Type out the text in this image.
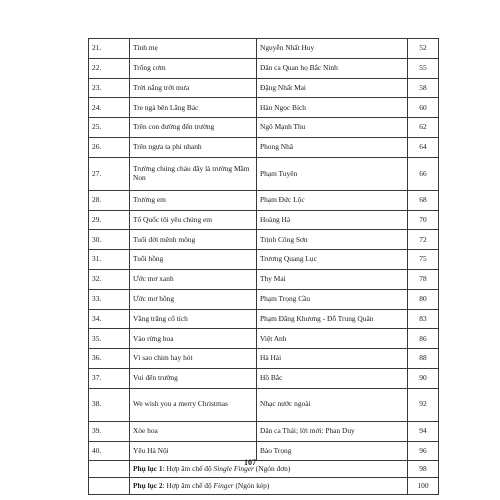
21.	Tình mẹ	Nguyễn Nhất Huy	52
22.	Trống cơm	Dân ca Quan họ Bắc Ninh	55
23.	Trời nắng trời mưa	Đặng Nhất Mai	58
24.	Tre ngà bên Lăng Bác	Hàn Ngọc Bích	60
25.	Trên con đường đến trường	Ngô Mạnh Thu	62
26.	Trên ngựa ta phi nhanh	Phong Nhã	64
27.	Trường chúng cháu đây là trường Mầm Non	Phạm Tuyên	66
28.	Trường em	Phạm Đức Lộc	68
29.	Tổ Quốc tôi yêu chúng em	Hoàng Hà	70
30.	Tuổi đời mênh mông	Trịnh Công Sơn	72
31.	Tuổi hồng	Trương Quang Lục	75
32.	Ước mơ xanh	Thy Mai	78
33.	Ước mơ hồng	Phạm Trọng Cầu	80
34.	Vầng trăng cổ tích	Phạm Đăng Khương - Đỗ Trung Quân	83
35.	Vào rừng hoa	Việt Anh	86
36.	Vì sao chim hay hót	Hà Hải	88
37.	Vui đến trường	Hồ Bắc	90
38.	We wish you a merry Christmas	Nhạc nước ngoài	92
39.	Xòe hoa	Dân ca Thái; lời mới: Phan Duy	94
40.	Yêu Hà Nội	Bảo Trọng	96
	Phụ lục 1: Hợp âm chế độ Single Finger (Ngón đơn)		98
	Phụ lục 2: Hợp âm chế độ Finger (Ngón kép)		100
107
